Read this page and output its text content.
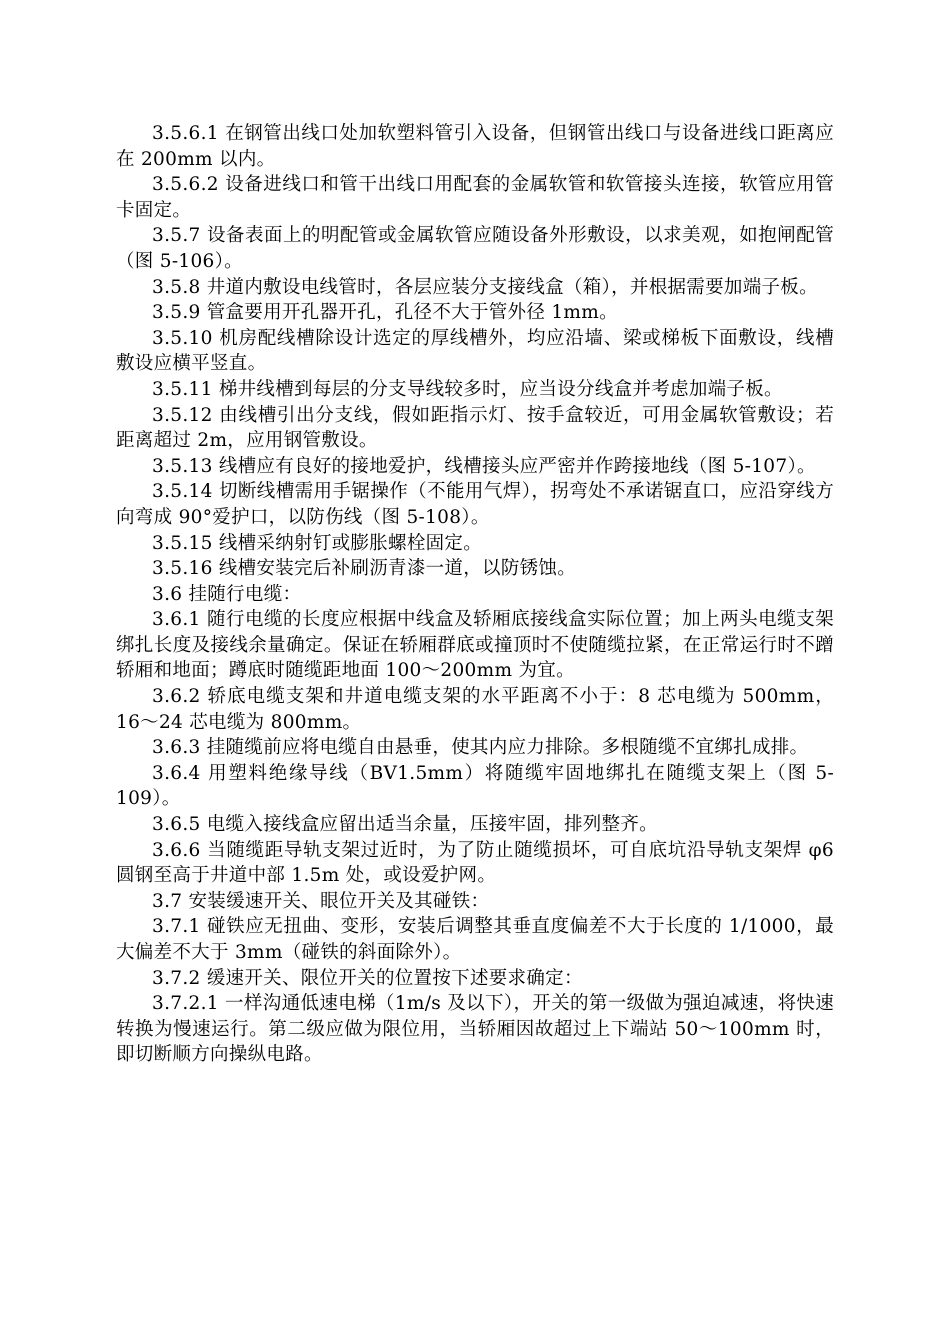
3.5.6.1 在钢管出线口处加软塑料管引入设备，但钢管出线口与设备进线口距离应在 200mm 以内。

3.5.6.2 设备进线口和管干出线口用配套的金属软管和软管接头连接，软管应用管卡固定。

3.5.7 设备表面上的明配管或金属软管应随设备外形敷设，以求美观，如抱闸配管（图 5-106）。

3.5.8 井道内敷设电线管时，各层应装分支接线盒（箱），并根据需要加端子板。

3.5.9 管盒要用开孔器开孔，孔径不大于管外径 1mm。

3.5.10 机房配线槽除设计选定的厚线槽外，均应沿墙、梁或梯板下面敷设，线槽敷设应横平竖直。

3.5.11 梯井线槽到每层的分支导线较多时，应当设分线盒并考虑加端子板。

3.5.12 由线槽引出分支线，假如距指示灯、按手盒较近，可用金属软管敷设；若距离超过 2m，应用钢管敷设。

3.5.13 线槽应有良好的接地爱护，线槽接头应严密并作跨接地线（图 5-107）。

3.5.14 切断线槽需用手锯操作（不能用气焊），拐弯处不承诺锯直口，应沿穿线方向弯成 90°爱护口，以防伤线（图 5-108）。

3.5.15 线槽采纳射钉或膨胀螺栓固定。

3.5.16 线槽安装完后补刷沥青漆一道，以防锈蚀。

3.6 挂随行电缆：

3.6.1 随行电缆的长度应根据中线盒及轿厢底接线盒实际位置；加上两头电缆支架绑扎长度及接线余量确定。保证在轿厢群底或撞顶时不使随缆拉紧，在正常运行时不蹭轿厢和地面；蹲底时随缆距地面 100～200mm 为宜。

3.6.2 轿底电缆支架和井道电缆支架的水平距离不小于：8 芯电缆为 500mm，16～24 芯电缆为 800mm。

3.6.3 挂随缆前应将电缆自由悬垂，使其内应力排除。多根随缆不宜绑扎成排。

3.6.4 用塑料绝缘导线（BV1.5mm）将随缆牢固地绑扎在随缆支架上（图 5-109）。

3.6.5 电缆入接线盒应留出适当余量，压接牢固，排列整齐。

3.6.6 当随缆距导轨支架过近时，为了防止随缆损坏，可自底坑沿导轨支架焊 φ6 圆钢至高于井道中部 1.5m 处，或设爱护网。

3.7 安装缓速开关、眼位开关及其碰铁：

3.7.1 碰铁应无扭曲、变形，安装后调整其垂直度偏差不大于长度的 1/1000，最大偏差不大于 3mm（碰铁的斜面除外）。

3.7.2 缓速开关、限位开关的位置按下述要求确定：

3.7.2.1 一样沟通低速电梯（1m/s 及以下），开关的第一级做为强迫减速，将快速转换为慢速运行。第二级应做为限位用，当轿厢因故超过上下端站 50～100mm 时，即切断顺方向操纵电路。
